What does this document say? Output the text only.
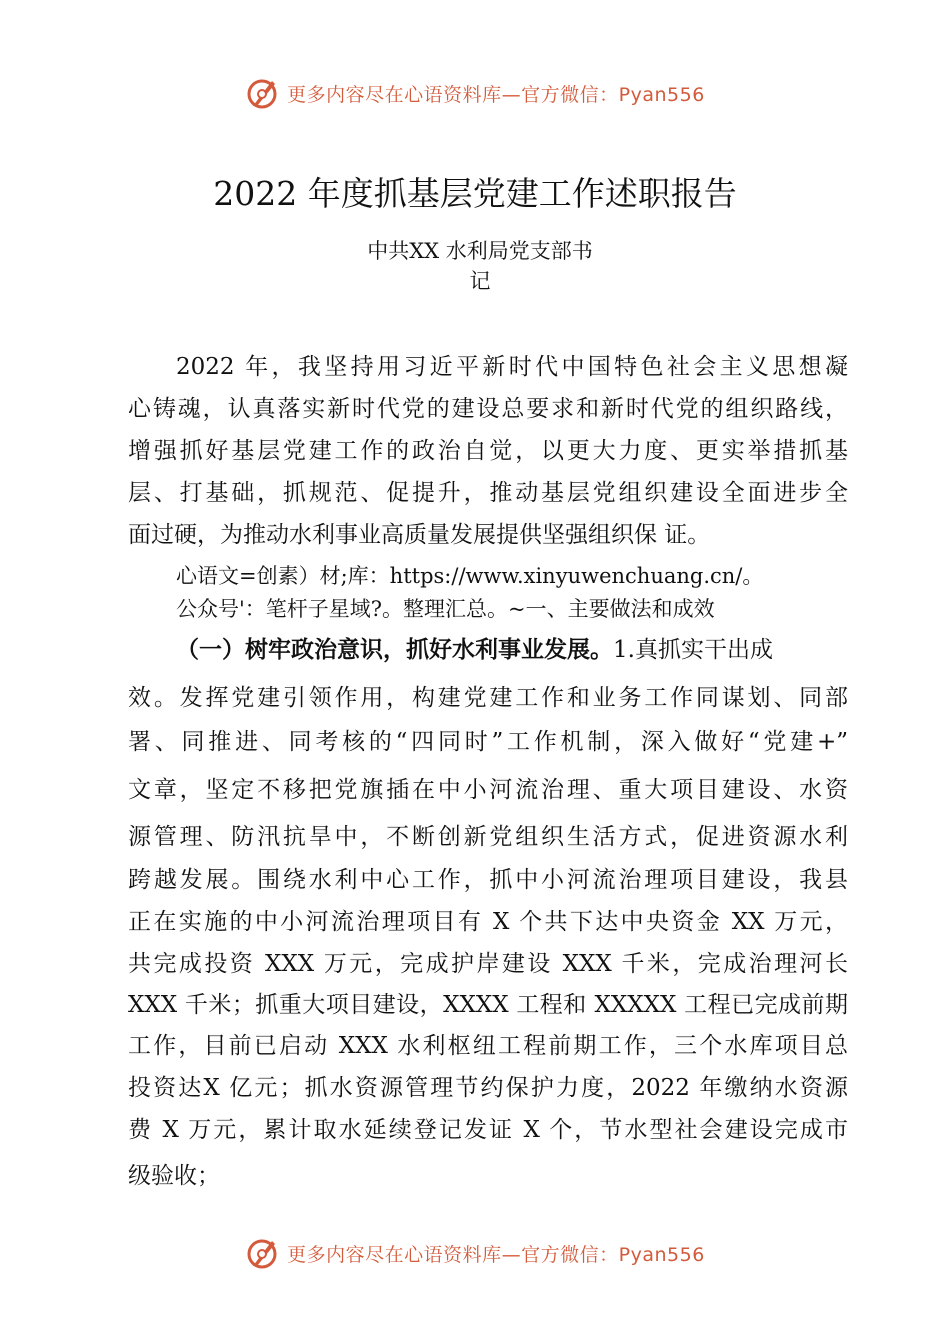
更多内容尽在心语资料库—官方微信：Pyan556
2022 年度抓基层党建工作述职报告
中共XX 水利局党支部书
记
2022 年，我坚持用习近平新时代中国特色社会主义思想凝
心铸魂，认真落实新时代党的建设总要求和新时代党的组织路线，
增强抓好基层党建工作的政治自觉，以更大力度、更实举措抓基
层、打基础，抓规范、促提升，推动基层党组织建设全面进步全
面过硬，为推动水利事业高质量发展提供坚强组织保 证。
心语文=创素）材;库：https://www.xinyuwenchuang.cn/。
公众号'：笔杆子星域?。整理汇总。~一、主要做法和成效
（一）树牢政治意识，抓好水利事业发展。1.真抓实干出成
效。发挥党建引领作用，构建党建工作和业务工作同谋划、同部
署、同推进、同考核的“四同时”工作机制，深入做好“党建+”
文章，坚定不移把党旗插在中小河流治理、重大项目建设、水资
源管理、防汛抗旱中，不断创新党组织生活方式，促进资源水利
跨越发展。围绕水利中心工作，抓中小河流治理项目建设，我县
正在实施的中小河流治理项目有 X 个共下达中央资金 XX 万元，
共完成投资 XXX 万元，完成护岸建设 XXX 千米，完成治理河长
XXX 千米；抓重大项目建设，XXXX 工程和 XXXXX 工程已完成前期
工作，目前已启动 XXX 水利枢纽工程前期工作，三个水库项目总
投资达X 亿元；抓水资源管理节约保护力度，2022 年缴纳水资源
费 X 万元，累计取水延续登记发证 X 个，节水型社会建设完成市
级验收；
更多内容尽在心语资料库—官方微信：Pyan556
